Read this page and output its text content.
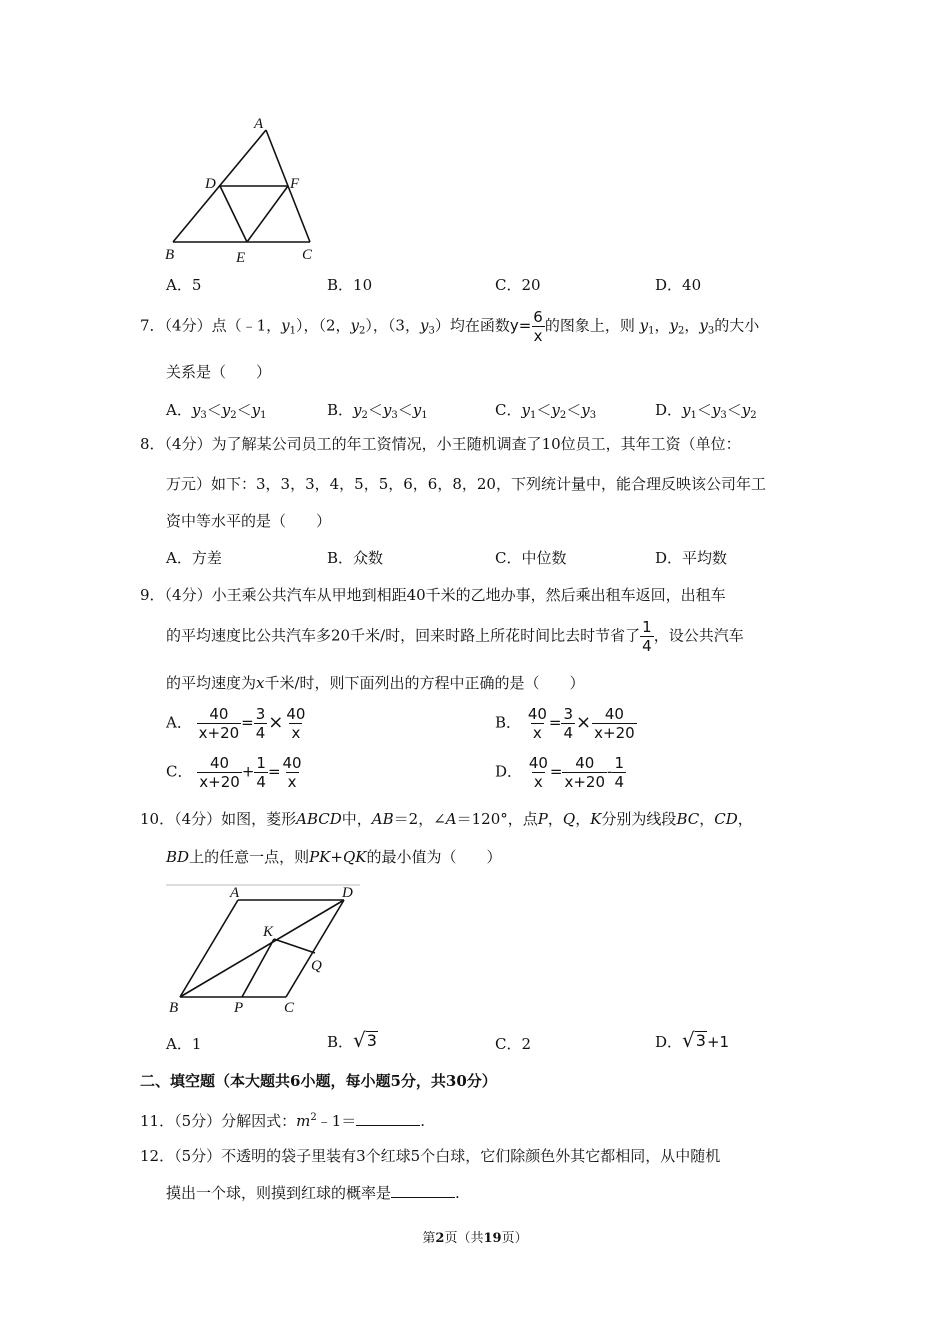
A
D	F
B	E	C
A．5	B．10	C．20	D．40
7．（4分）点（﹣1，$y_1$），（2，$y_2$），（3，$y_3$）均在函数$y= \frac{6}{x}$ 的图象上，则 $y_1$，$y_2$，$y_3$的大小
关系是（　　）
A．$y_3<y_2<y_1$	B．$y_2<y_3<y_1$	C．$y_1<y_2<y_3$	D．$y_1<y_3<y_2$
8．（4分）为了解某公司员工的年工资情况，小王随机调查了10位员工，其年工资（单位：
万元）如下：3，3，3，4，5，5，6，6，8，20，下列统计量中，能合理反映该公司年工
资中等水平的是（　　）
A．方差	B．众数	C．中位数	D．平均数
9．（4分）小王乘公共汽车从甲地到相距40千米的乙地办事，然后乘出租车返回，出租车
的平均速度比公共汽车多20千米/时，回来时路上所花时间比去时节省了 $\frac{1}{4}$ ，设公共汽车
的平均速度为x千米/时，则下面列出的方程中正确的是（　　）
A． $\frac{40}{x+20} = \frac{3}{4} \times \frac{40}{x}$	B． $\frac{40}{x} = \frac{3}{4} \times \frac{40}{x+20}$
C． $\frac{40}{x+20} + \frac{1}{4} = \frac{40}{x}$	D． $\frac{40}{x} = \frac{40}{x+20} - \frac{1}{4}$
10．（4分）如图，菱形ABCD中，AB＝2，∠A＝120°，点P，Q，K分别为线段BC，CD，
BD上的任意一点，则PK+QK的最小值为（　　）
A	D
K
Q
B	P	C
A．1	B． √ 3	C．2	D． √ 3 +1
二、填空题（本大题共6小题，每小题5分，共30分）
11．（5分）分解因式：$m^2﹣1=$	.
12．（5分）不透明的袋子里装有3个红球5个白球，它们除颜色外其它都相同，从中随机
摸出一个球，则摸到红球的概率是	.
第2页（共19页）
